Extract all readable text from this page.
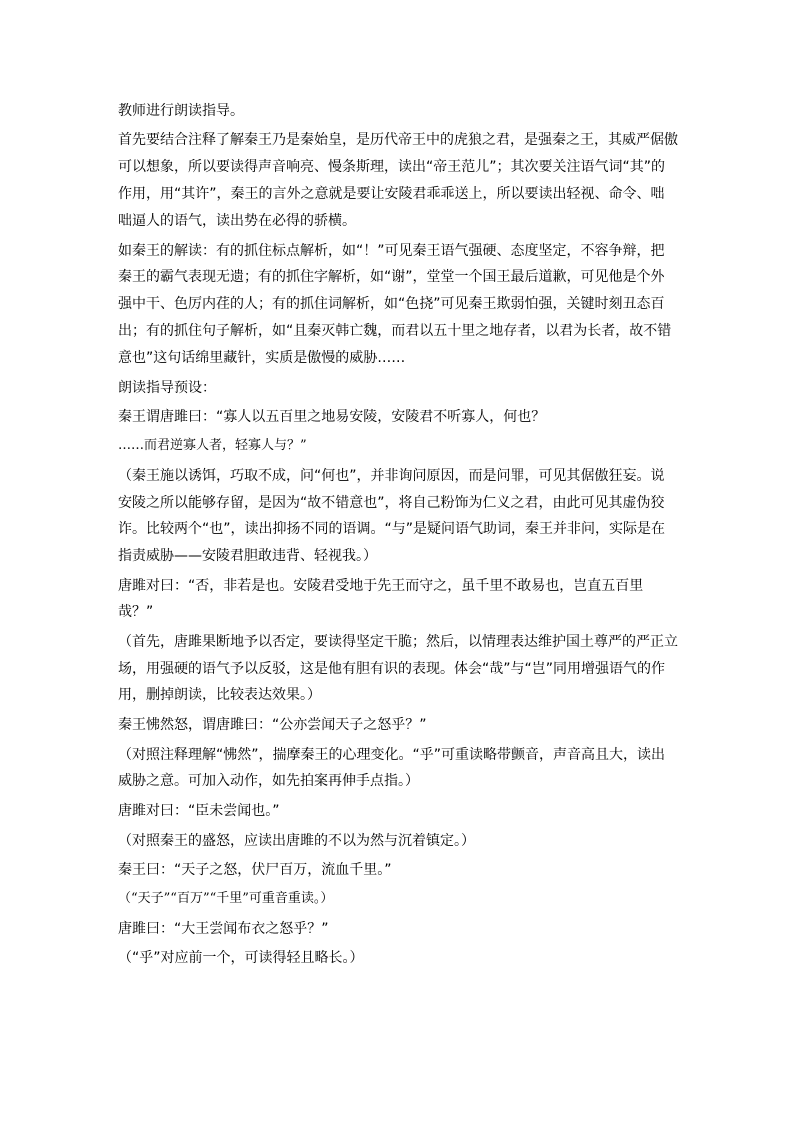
教师进行朗读指导。

首先要结合注释了解秦王乃是秦始皇，是历代帝王中的虎狼之君，是强秦之王，其威严倨傲可以想象，所以要读得声音响亮、慢条斯理，读出“帝王范儿”；其次要关注语气词“其”的作用，用“其许”，秦王的言外之意就是要让安陵君乖乖送上，所以要读出轻视、命令、咄咄逼人的语气，读出势在必得的骄横。

如秦王的解读：有的抓住标点解析，如“！”可见秦王语气强硬、态度坚定，不容争辩，把秦王的霸气表现无遗；有的抓住字解析，如“谢”，堂堂一个国王最后道歉，可见他是个外强中干、色厉内荏的人；有的抓住词解析，如“色挠”可见秦王欺弱怕强，关键时刻丑态百出；有的抓住句子解析，如“且秦灭韩亡魏，而君以五十里之地存者，以君为长者，故不错意也”这句话绵里藏针，实质是傲慢的威胁……

朗读指导预设：

秦王谓唐雎曰：“寡人以五百里之地易安陵，安陵君不听寡人，何也？

……而君逆寡人者，轻寡人与？”

（秦王施以诱饵，巧取不成，问“何也”，并非询问原因，而是问罪，可见其倨傲狂妄。说安陵之所以能够存留，是因为“故不错意也”，将自己粉饰为仁义之君，由此可见其虚伪狡诈。比较两个“也”，读出抑扬不同的语调。“与”是疑问语气助词，秦王并非问，实际是在指责威胁——安陵君胆敢违背、轻视我。）

唐雎对曰：“否，非若是也。安陵君受地于先王而守之，虽千里不敢易也，岂直五百里哉？”

（首先，唐雎果断地予以否定，要读得坚定干脆；然后，以情理表达维护国土尊严的严正立场，用强硬的语气予以反驳，这是他有胆有识的表现。体会“哉”与“岂”同用增强语气的作用，删掉朗读，比较表达效果。）

秦王怫然怒，谓唐雎曰：“公亦尝闻天子之怒乎？”

（对照注释理解“怫然”，揣摩秦王的心理变化。“乎”可重读略带颤音，声音高且大，读出威胁之意。可加入动作，如先拍案再伸手点指。）

唐雎对曰：“臣未尝闻也。”

（对照秦王的盛怒，应读出唐雎的不以为然与沉着镇定。）

秦王曰：“天子之怒，伏尸百万，流血千里。”

（“天子”“百万”“千里”可重音重读。）

唐雎曰：“大王尝闻布衣之怒乎？”

（“乎”对应前一个，可读得轻且略长。）
